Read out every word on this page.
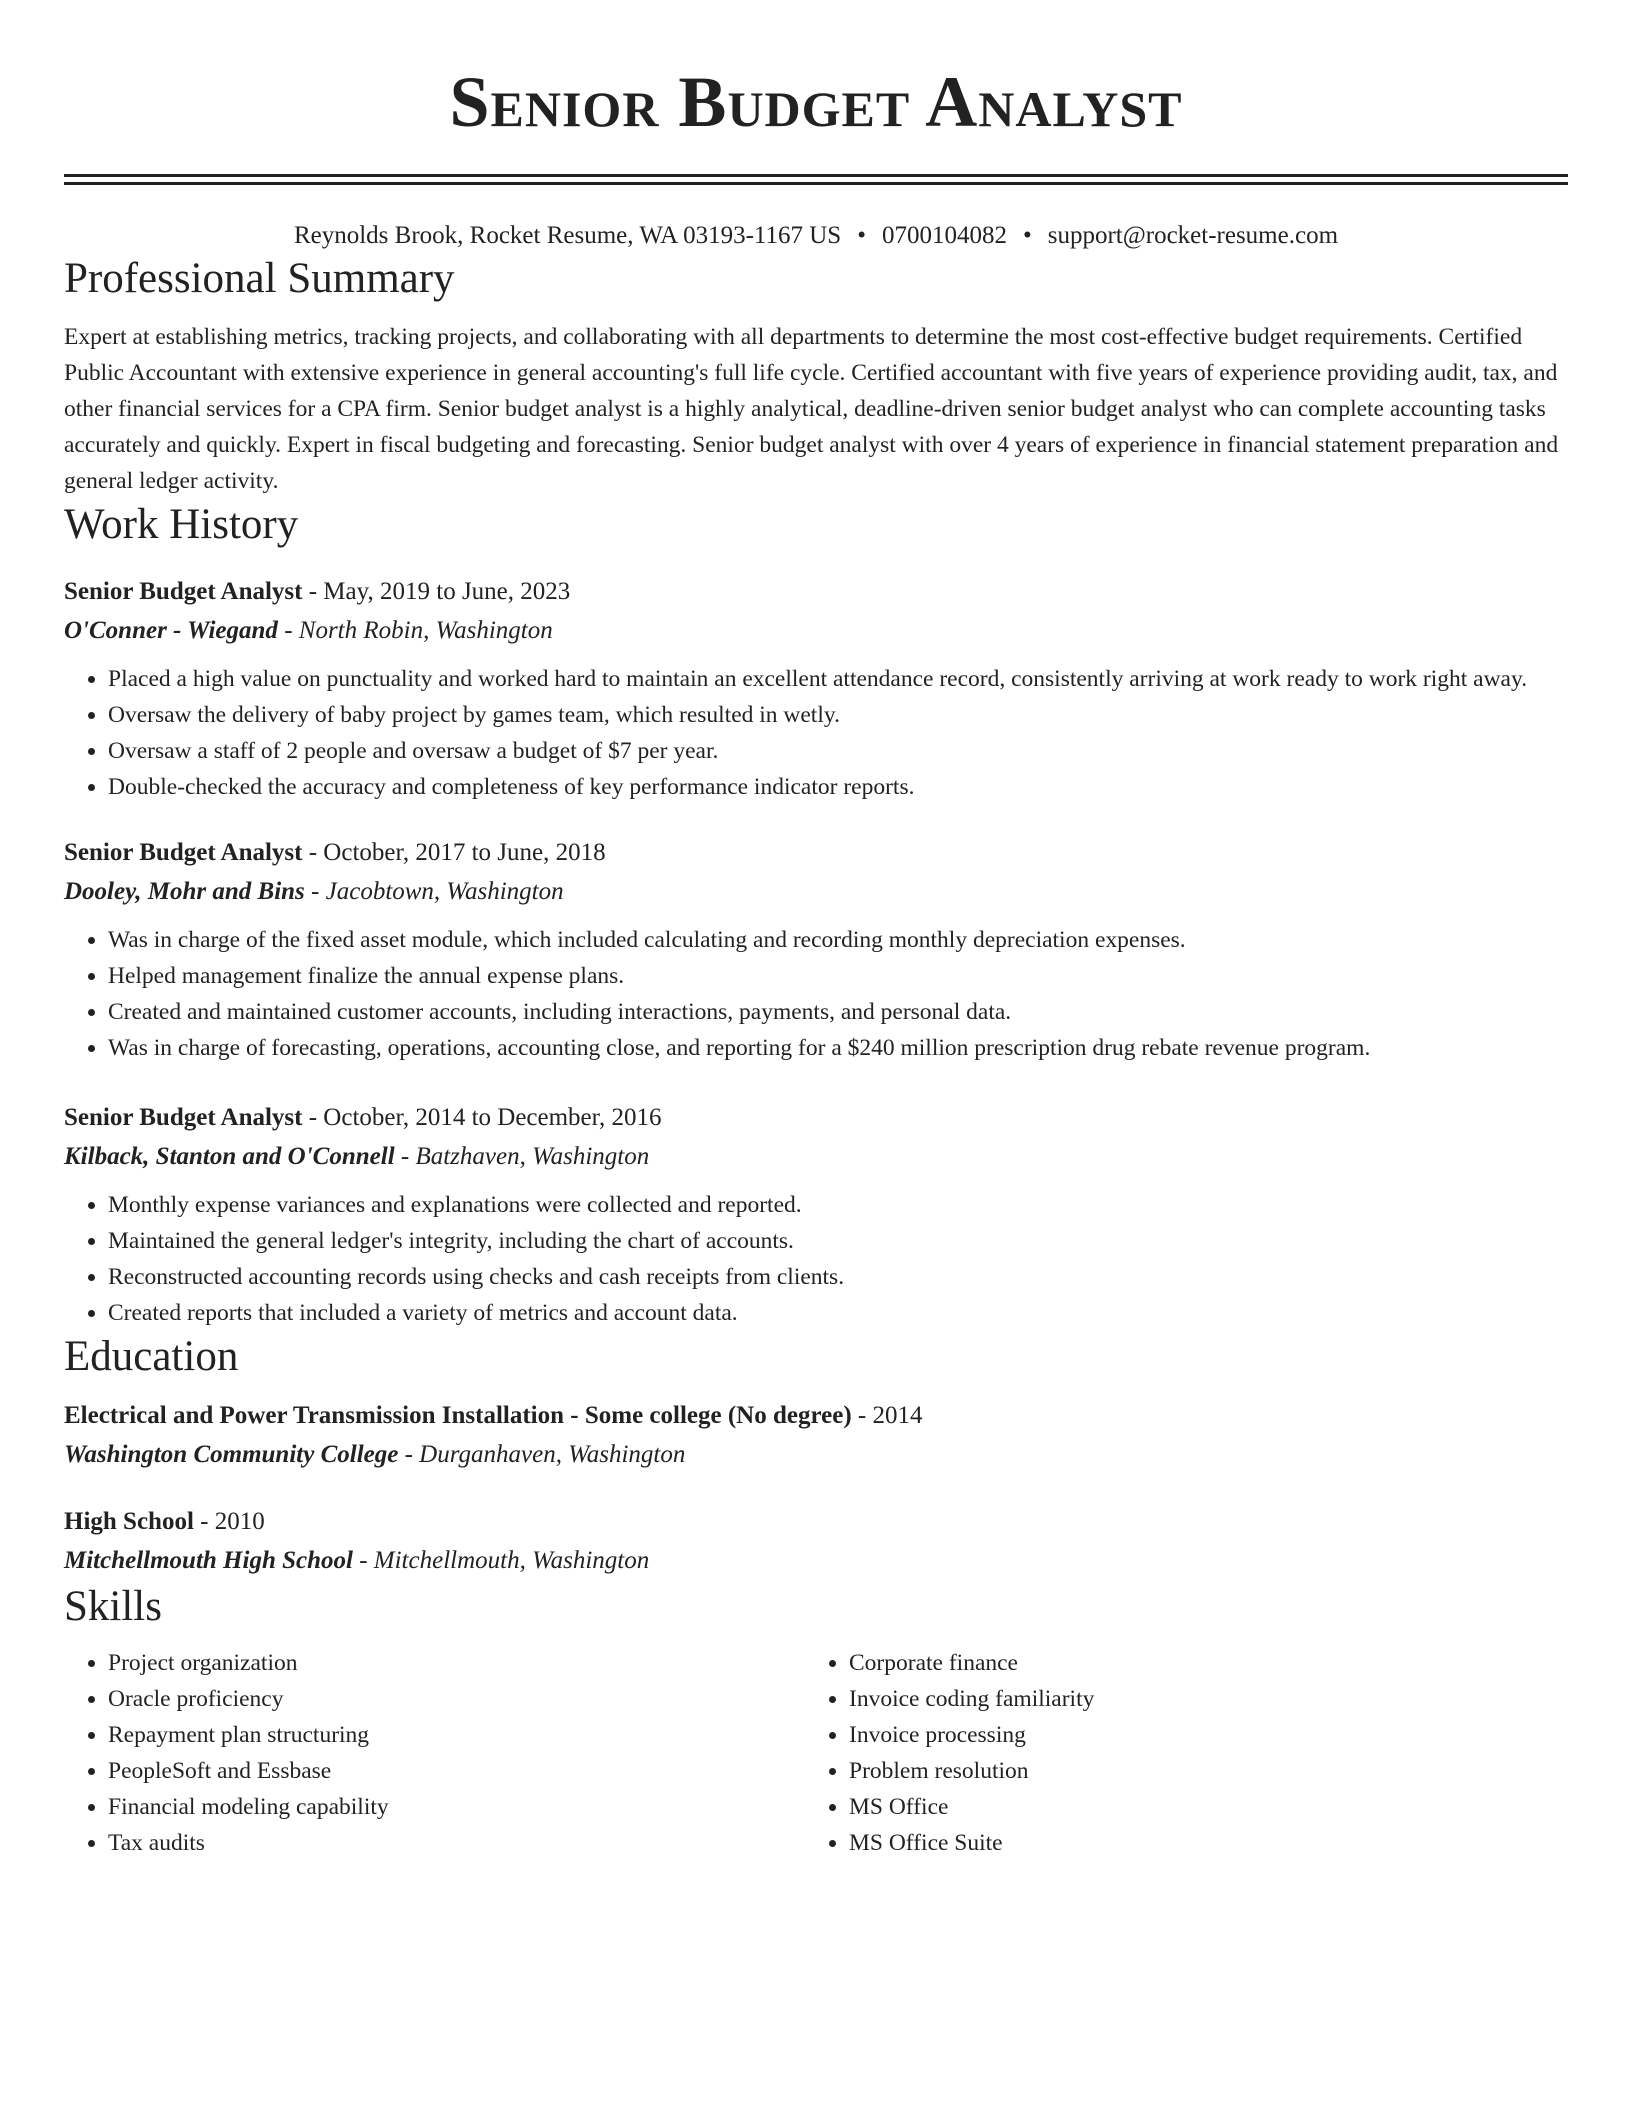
Senior Budget Analyst
Reynolds Brook, Rocket Resume, WA 03193-1167 US • 0700104082 • support@rocket-resume.com
Professional Summary

Expert at establishing metrics, tracking projects, and collaborating with all departments to determine the most cost-effective budget requirements. Certified Public Accountant with extensive experience in general accounting's full life cycle. Certified accountant with five years of experience providing audit, tax, and other financial services for a CPA firm. Senior budget analyst is a highly analytical, deadline-driven senior budget analyst who can complete accounting tasks accurately and quickly. Expert in fiscal budgeting and forecasting. Senior budget analyst with over 4 years of experience in financial statement preparation and general ledger activity.

Work History
Senior Budget Analyst - May, 2019 to June, 2023
O'Conner - Wiegand - North Robin, Washington
• Placed a high value on punctuality and worked hard to maintain an excellent attendance record, consistently arriving at work ready to work right away.
• Oversaw the delivery of baby project by games team, which resulted in wetly.
• Oversaw a staff of 2 people and oversaw a budget of $7 per year.
• Double-checked the accuracy and completeness of key performance indicator reports.
Senior Budget Analyst - October, 2017 to June, 2018
Dooley, Mohr and Bins - Jacobtown, Washington
• Was in charge of the fixed asset module, which included calculating and recording monthly depreciation expenses.
• Helped management finalize the annual expense plans.
• Created and maintained customer accounts, including interactions, payments, and personal data.
• Was in charge of forecasting, operations, accounting close, and reporting for a $240 million prescription drug rebate revenue program.
Senior Budget Analyst - October, 2014 to December, 2016
Kilback, Stanton and O'Connell - Batzhaven, Washington
• Monthly expense variances and explanations were collected and reported.
• Maintained the general ledger's integrity, including the chart of accounts.
• Reconstructed accounting records using checks and cash receipts from clients.
• Created reports that included a variety of metrics and account data.
Education
Electrical and Power Transmission Installation - Some college (No degree) - 2014
Washington Community College - Durganhaven, Washington
High School - 2010
Mitchellmouth High School - Mitchellmouth, Washington
Skills
• Project organization
• Oracle proficiency
• Repayment plan structuring
• PeopleSoft and Essbase
• Financial modeling capability
• Tax audits
• Corporate finance
• Invoice coding familiarity
• Invoice processing
• Problem resolution
• MS Office
• MS Office Suite
